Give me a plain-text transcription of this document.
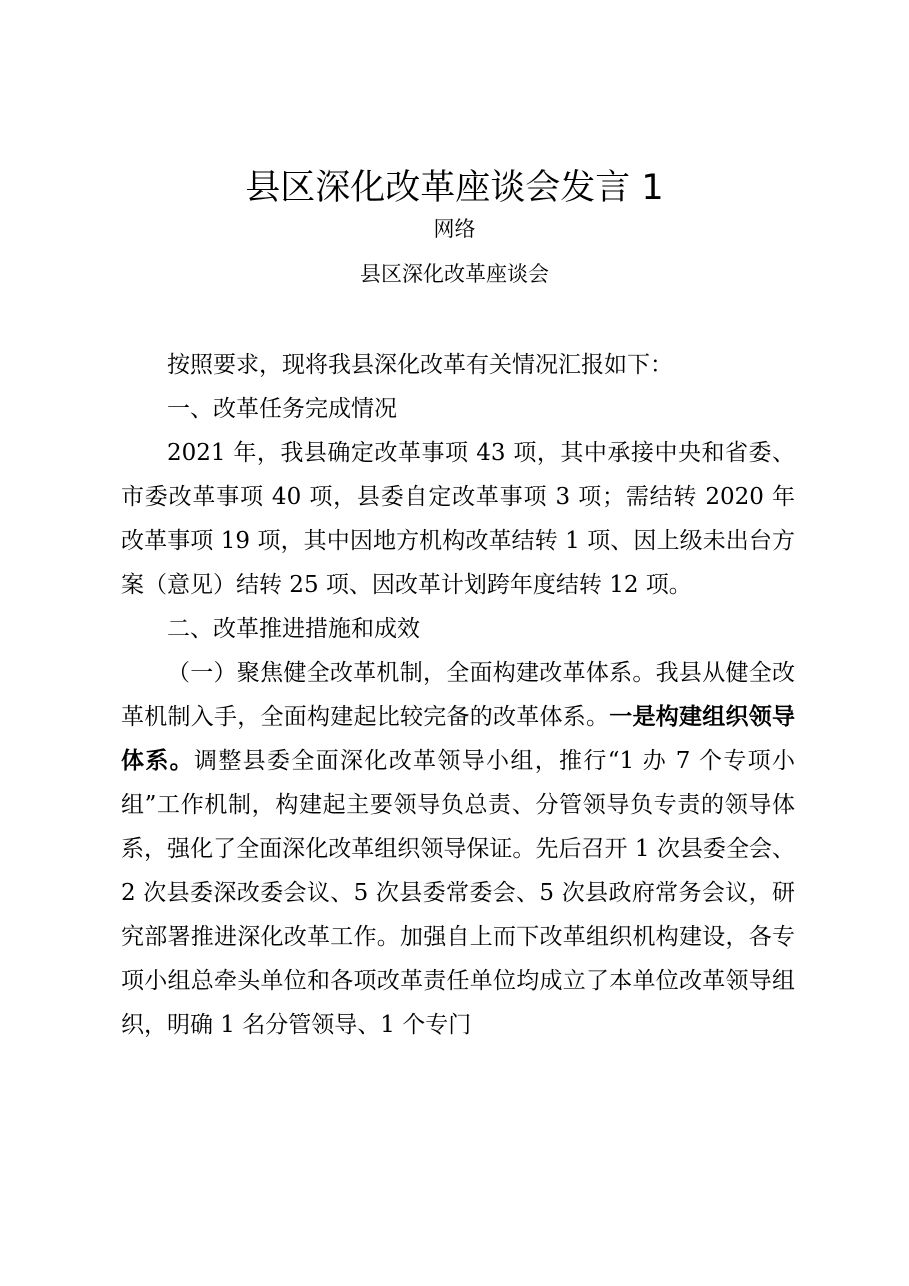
县区深化改革座谈会发言 1
网络
县区深化改革座谈会

按照要求，现将我县深化改革有关情况汇报如下：

一、改革任务完成情况

2021 年，我县确定改革事项 43 项，其中承接中央和省委、市委改革事项 40 项，县委自定改革事项 3 项；需结转 2020 年改革事项 19 项，其中因地方机构改革结转 1 项、因上级未出台方案（意见）结转 25 项、因改革计划跨年度结转 12 项。

二、改革推进措施和成效

（一）聚焦健全改革机制，全面构建改革体系。我县从健全改革机制入手，全面构建起比较完备的改革体系。一是构建组织领导体系。调整县委全面深化改革领导小组，推行“1 办 7 个专项小组”工作机制，构建起主要领导负总责、分管领导负专责的领导体系，强化了全面深化改革组织领导保证。先后召开 1 次县委全会、2 次县委深改委会议、5 次县委常委会、5 次县政府常务会议，研究部署推进深化改革工作。加强自上而下改革组织机构建设，各专项小组总牵头单位和各项改革责任单位均成立了本单位改革领导组织，明确 1 名分管领导、1 个专门
